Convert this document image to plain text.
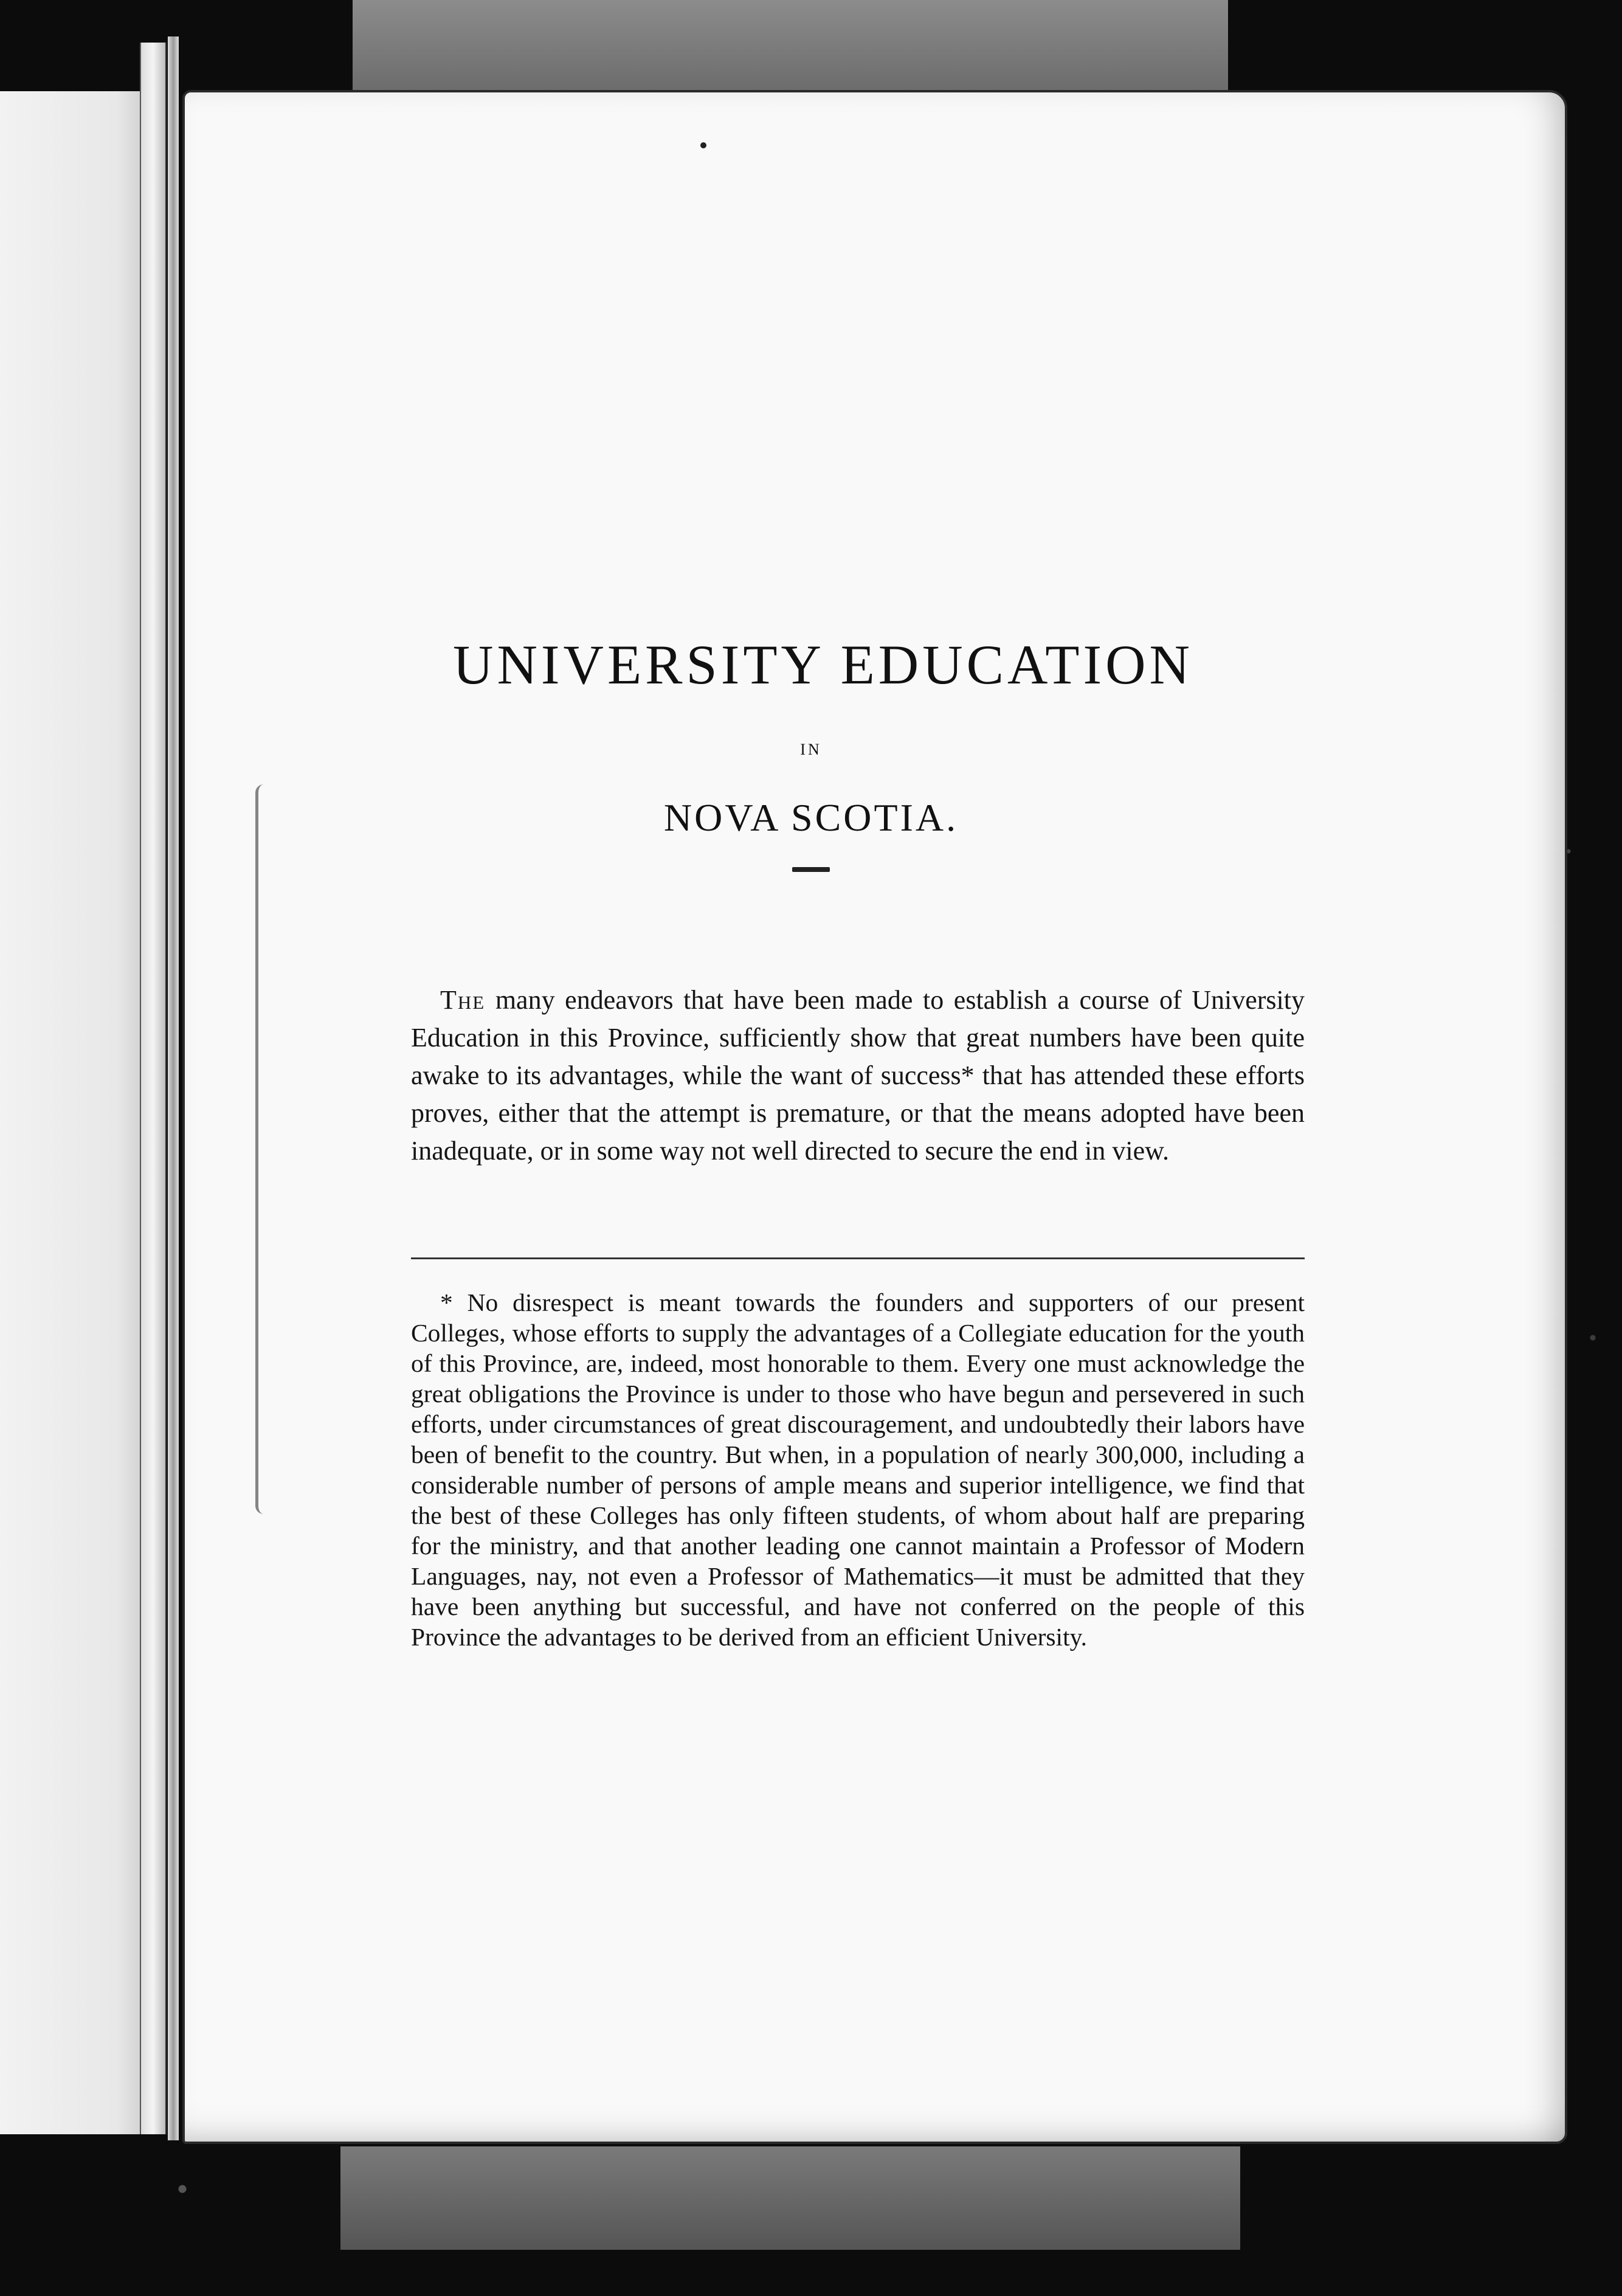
UNIVERSITY EDUCATION
IN
NOVA SCOTIA.

The many endeavors that have been made to establish a course of University Education in this Province, sufficiently show that great numbers have been quite awake to its advantages, while the want of success* that has attended these efforts proves, either that the attempt is premature, or that the means adopted have been inadequate, or in some way not well directed to secure the end in view.

* No disrespect is meant towards the founders and supporters of our present Colleges, whose efforts to supply the advantages of a Collegiate education for the youth of this Province, are, indeed, most honorable to them. Every one must acknowledge the great obligations the Province is under to those who have begun and persevered in such efforts, under circumstances of great discouragement, and undoubtedly their labors have been of benefit to the country. But when, in a population of nearly 300,000, including a considerable number of persons of ample means and superior intelligence, we find that the best of these Colleges has only fifteen students, of whom about half are preparing for the ministry, and that another leading one cannot maintain a Professor of Modern Languages, nay, not even a Professor of Mathematics—it must be admitted that they have been anything but successful, and have not conferred on the people of this Province the advantages to be derived from an efficient University.
